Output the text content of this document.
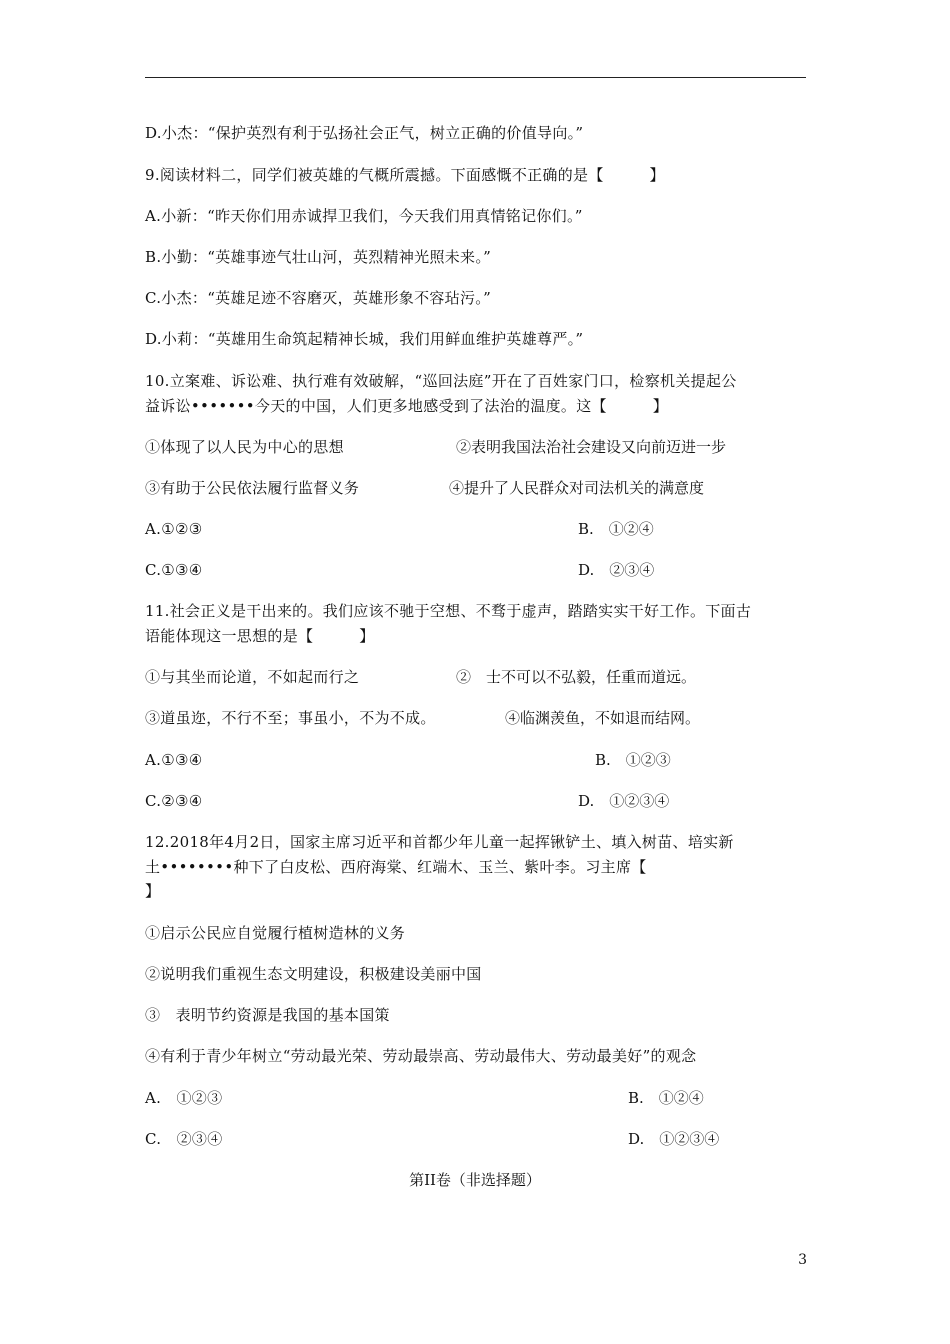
D.小杰：“保护英烈有利于弘扬社会正气，树立正确的价值导向。”
9.阅读材料二，同学们被英雄的气概所震撼。下面感慨不正确的是【　　　】
A.小新：“昨天你们用赤诚捍卫我们，今天我们用真情铭记你们。”
B.小勤：“英雄事迹气壮山河，英烈精神光照未来。”
C.小杰：“英雄足迹不容磨灭，英雄形象不容玷污。”
D.小莉：“英雄用生命筑起精神长城，我们用鲜血维护英雄尊严。”
10.立案难、诉讼难、执行难有效破解，“巡回法庭”开在了百姓家门口，检察机关提起公
益诉讼•••••••今天的中国，人们更多地感受到了法治的温度。这【　　　】
①体现了以人民为中心的思想	②表明我国法治社会建设又向前迈进一步
③有助于公民依法履行监督义务	④提升了人民群众对司法机关的满意度
A.①②③	B.　①②④
C.①③④	D.　②③④
11.社会正义是干出来的。我们应该不驰于空想、不骛于虚声，踏踏实实干好工作。下面古
语能体现这一思想的是【　　　】
①与其坐而论道，不如起而行之	②　士不可以不弘毅，任重而道远。
③道虽迩，不行不至；事虽小，不为不成。	④临渊羡鱼，不如退而结网。
A.①③④	B.　①②③
C.②③④	D.　①②③④
12.2018年4月2日，国家主席习近平和首都少年儿童一起挥锹铲土、填入树苗、培实新
土••••••••种下了白皮松、西府海棠、红端木、玉兰、紫叶李。习主席【
】
①启示公民应自觉履行植树造林的义务
②说明我们重视生态文明建设，积极建设美丽中国
③　表明节约资源是我国的基本国策
④有利于青少年树立“劳动最光荣、劳动最崇高、劳动最伟大、劳动最美好”的观念
A.　①②③	B.　①②④
C.　②③④	D.　①②③④
第II卷（非选择题）
3
